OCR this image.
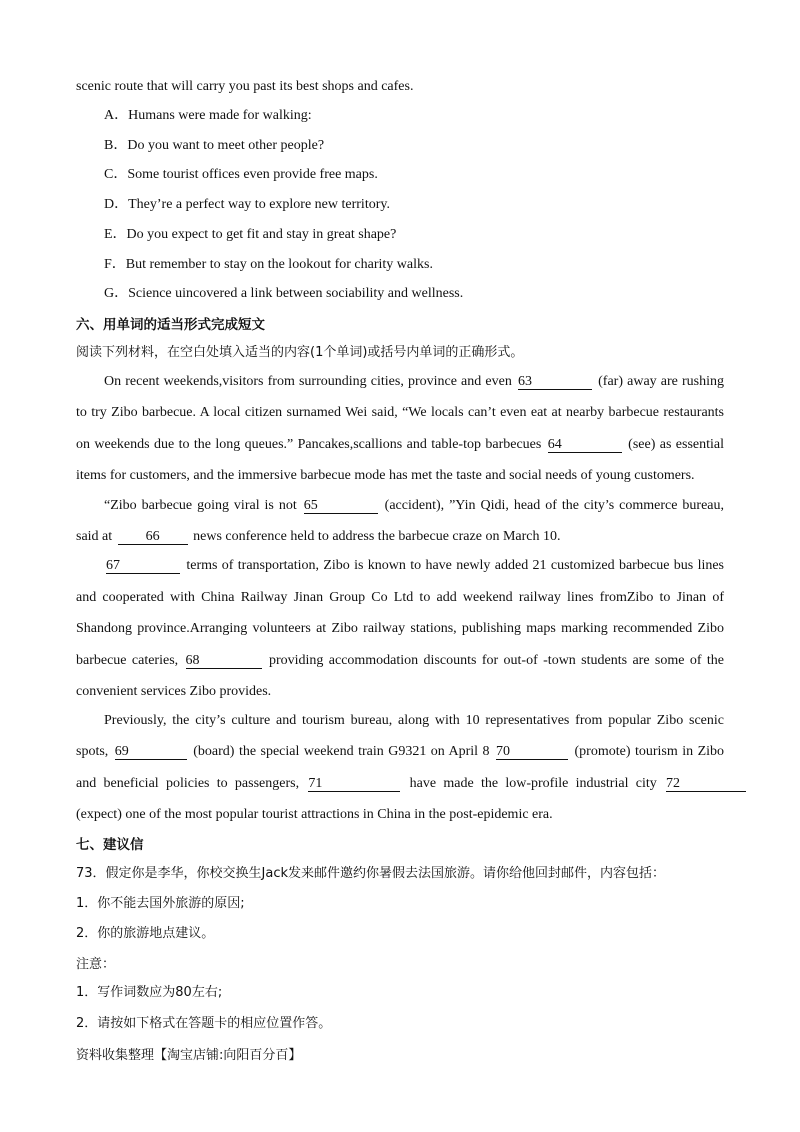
scenic route that will carry you past its best shops and cafes.
A．Humans were made for walking:
B．Do you want to meet other people?
C．Some tourist offices even provide free maps.
D．They’re a perfect way to explore new territory.
E．Do you expect to get fit and stay in great shape?
F．But remember to stay on the lookout for charity walks.
G．Science uincovered a link between sociability and wellness.
六、用单词的适当形式完成短文
阅读下列材料，在空白处填入适当的内容(1个单词)或括号内单词的正确形式。
On recent weekends,visitors from surrounding cities, province and even 63	(far) away are rushing
to try Zibo barbecue. A local citizen surnamed Wei said, “We locals can’t even eat at nearby barbecue restaurants
on weekends due to the long queues.” Pancakes,scallions and table-top barbecues 64	(see) as essential
items for customers, and the immersive barbecue mode has met the taste and social needs of young customers.
“Zibo barbecue going viral is not 65	(accident), ”Yin Qidi, head of the city’s commerce bureau,
said at 66 news conference held to address the barbecue craze on March 10.
67	terms of transportation, Zibo is known to have newly added 21 customized barbecue bus lines
and cooperated with China Railway Jinan Group Co Ltd to add weekend railway lines fromZibo to Jinan of
Shandong province.Arranging volunteers at Zibo railway stations, publishing maps marking recommended Zibo
barbecue cateries, 68	providing accommodation discounts for out-of -town students are some of the
convenient services Zibo provides.
Previously, the city’s culture and tourism bureau, along with 10 representatives from popular Zibo scenic
spots, 69	(board) the special weekend train G9321 on April 8 70	(promote) tourism in Zibo
and beneficial policies to passengers, 71	have made the low-profile industrial city 72
(expect) one of the most popular tourist attractions in China in the post-epidemic era.
七、建议信
73．假定你是李华，你校交换生Jack发来邮件邀约你暑假去法国旅游。请你给他回封邮件，内容包括：
1．你不能去国外旅游的原因;
2．你的旅游地点建议。
注意：
1．写作词数应为80左右;
2．请按如下格式在答题卡的相应位置作答。
资料收集整理【淘宝店铺:向阳百分百】
